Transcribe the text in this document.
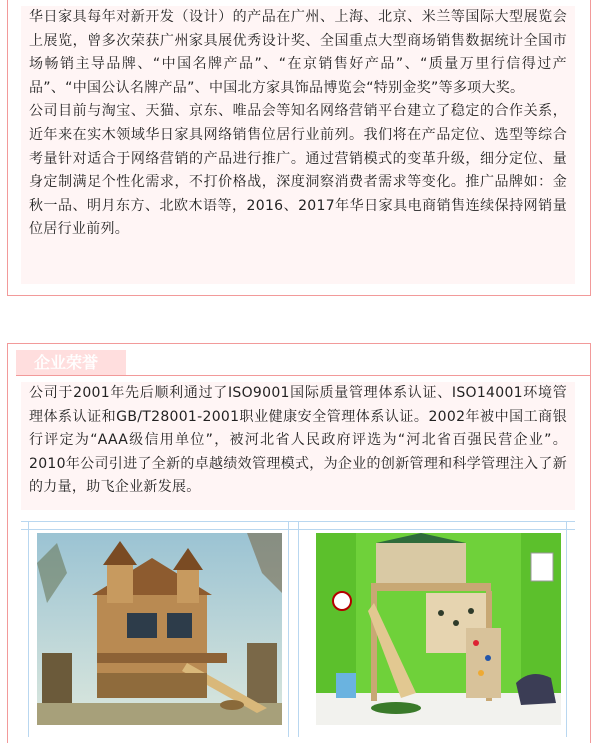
华日家具每年对新开发（设计）的产品在广州、上海、北京、米兰等国际大型展览会上展览，曾多次荣获广州家具展优秀设计奖、全国重点大型商场销售数据统计全国市场畅销主导品牌、“中国名牌产品”、“在京销售好产品”、“质量万里行信得过产品”、“中国公认名牌产品”、中国北方家具饰品博览会“特别金奖”等多项大奖。

公司目前与淘宝、天猫、京东、唯品会等知名网络营销平台建立了稳定的合作关系，近年来在实木领域华日家具网络销售位居行业前列。我们将在产品定位、选型等综合考量针对适合于网络营销的产品进行推广。通过营销模式的变革升级，细分定位、量身定制满足个性化需求，不打价格战，深度洞察消费者需求等变化。推广品牌如：金秋一品、明月东方、北欧木语等，2016、2017年华日家具电商销售连续保持网销量位居行业前列。

企业荣誉

公司于2001年先后顺利通过了ISO9001国际质量管理体系认证、ISO14001环境管理体系认证和GB/T28001-2001职业健康安全管理体系认证。2002年被中国工商银行评定为“AAA级信用单位”，被河北省人民政府评选为“河北省百强民营企业”。2010年公司引进了全新的卓越绩效管理模式，为企业的创新管理和科学管理注入了新的力量，助飞企业新发展。
